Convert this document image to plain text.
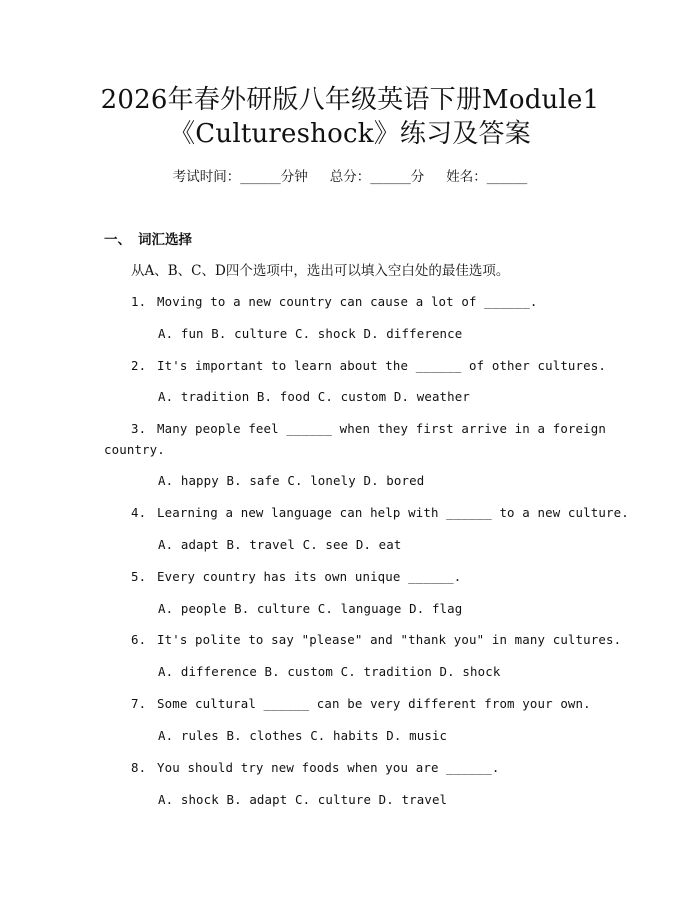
2026年春外研版八年级英语下册Module1
《Cultureshock》练习及答案
考试时间：______分钟 总分：______分 姓名：______
一、 词汇选择
从A、B、C、D四个选项中，选出可以填入空白处的最佳选项。
1. Moving to a new country can cause a lot of ______.
A. fun B. culture C. shock D. difference
2. It's important to learn about the ______ of other cultures.
A. tradition B. food C. custom D. weather
3. Many people feel ______ when they first arrive in a foreign
country.
A. happy B. safe C. lonely D. bored
4. Learning a new language can help with ______ to a new culture.
A. adapt B. travel C. see D. eat
5. Every country has its own unique ______.
A. people B. culture C. language D. flag
6. It's polite to say "please" and "thank you" in many cultures.
A. difference B. custom C. tradition D. shock
7. Some cultural ______ can be very different from your own.
A. rules B. clothes C. habits D. music
8. You should try new foods when you are ______.
A. shock B. adapt C. culture D. travel
